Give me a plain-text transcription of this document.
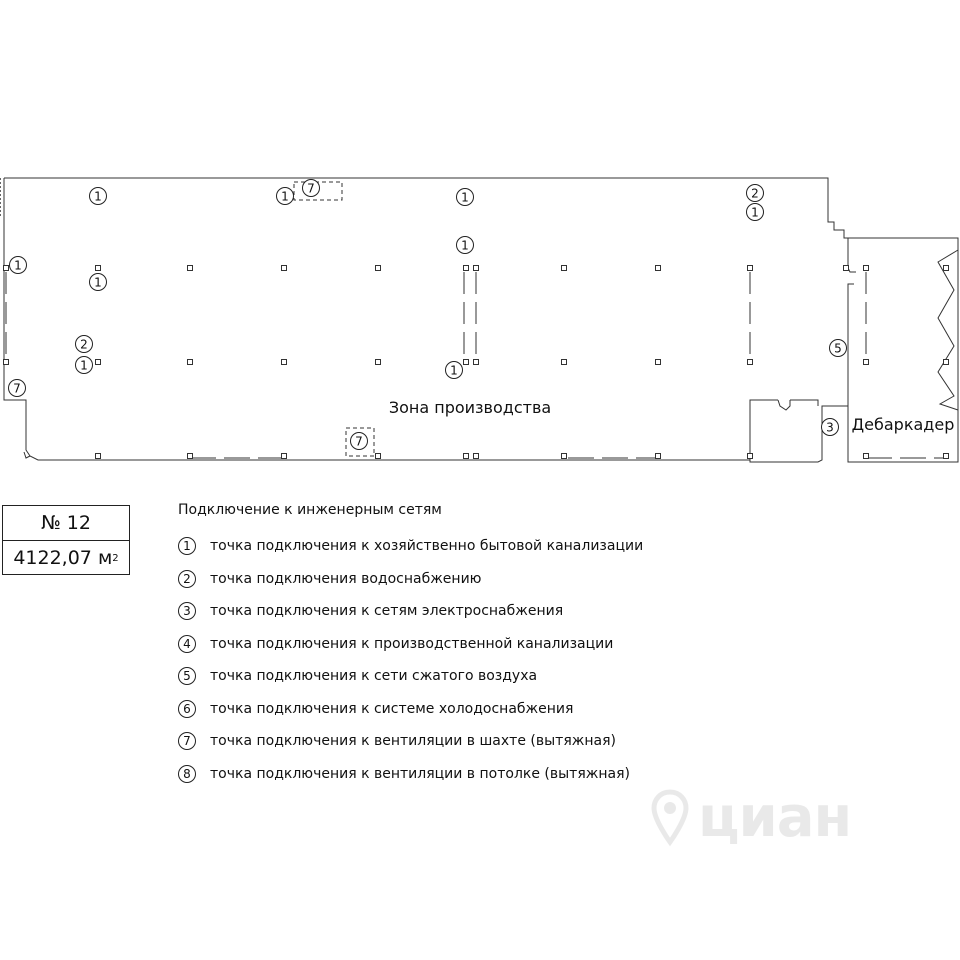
1
7
1	1	2
1
1
1
1
2
1	1
7
7
5
3
Зона производства
Дебаркадер
№ 12
4122,07 м 2
Подключение к инженерным сетям
1	точка подключения к хозяйственно бытовой канализации
2	точка подключения водоснабжению
3	точка подключения к сетям электроснабжения
4	точка подключения к производственной канализации
5	точка подключения к сети сжатого воздуха
6	точка подключения к системе холодоснабжения
7	точка подключения к вентиляции в шахте (вытяжная)
8	точка подключения к вентиляции в потолке (вытяжная)
циан
